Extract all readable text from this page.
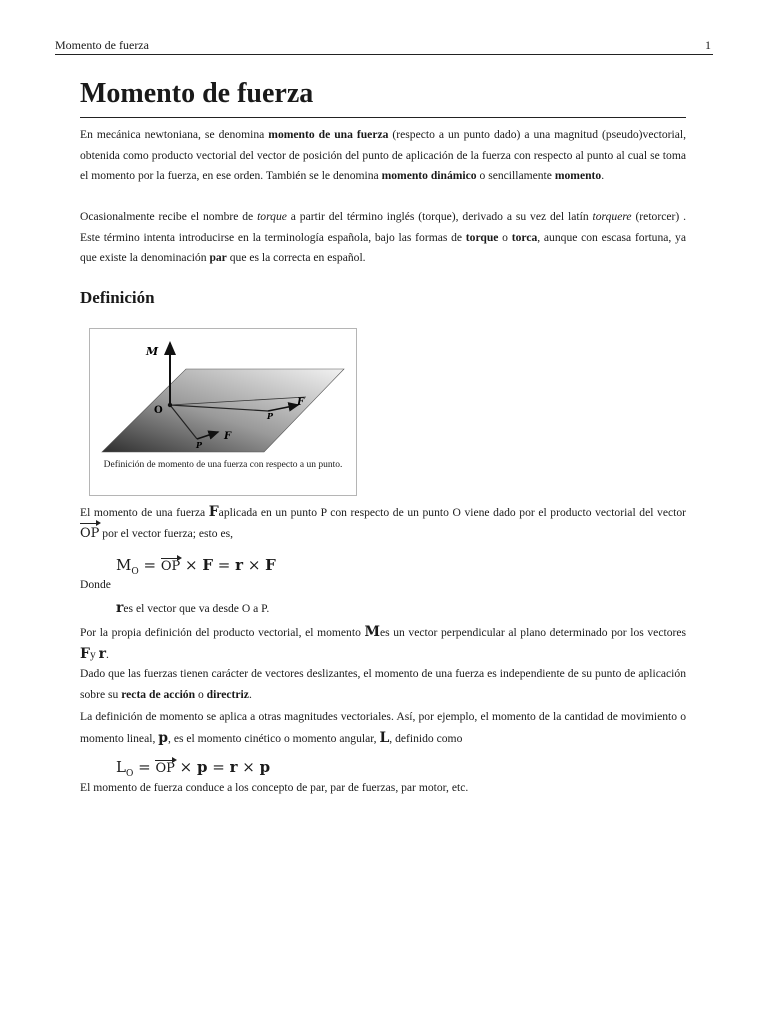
Momento de fuerza	1
Momento de fuerza

En mecánica newtoniana, se denomina momento de una fuerza (respecto a un punto dado) a una magnitud (pseudo)vectorial, obtenida como producto vectorial del vector de posición del punto de aplicación de la fuerza con respecto al punto al cual se toma el momento por la fuerza, en ese orden. También se le denomina momento dinámico o sencillamente momento.

Ocasionalmente recibe el nombre de torque a partir del término inglés (torque), derivado a su vez del latín torquere (retorcer) . Este término intenta introducirse en la terminología española, bajo las formas de torque o torca, aunque con escasa fortuna, ya que existe la denominación par que es la correcta en español.

Definición
M
O
F
F
P
P
Definición de momento de una fuerza con respecto a un punto.

El momento de una fuerza Faplicada en un punto P con respecto de un punto O viene dado por el producto vectorial del vector OP por el vector fuerza; esto es,

$M_O$ = OP × F = r × F

Donde

res el vector que va desde O a P.

Por la propia definición del producto vectorial, el momento Mes un vector perpendicular al plano determinado por los vectores Fy r.

Dado que las fuerzas tienen carácter de vectores deslizantes, el momento de una fuerza es independiente de su punto de aplicación sobre su recta de acción o directriz.

La definición de momento se aplica a otras magnitudes vectoriales. Así, por ejemplo, el momento de la cantidad de movimiento o momento lineal, p, es el momento cinético o momento angular, L, definido como

$L_O$ = OP × p = r × p

El momento de fuerza conduce a los concepto de par, par de fuerzas, par motor, etc.
